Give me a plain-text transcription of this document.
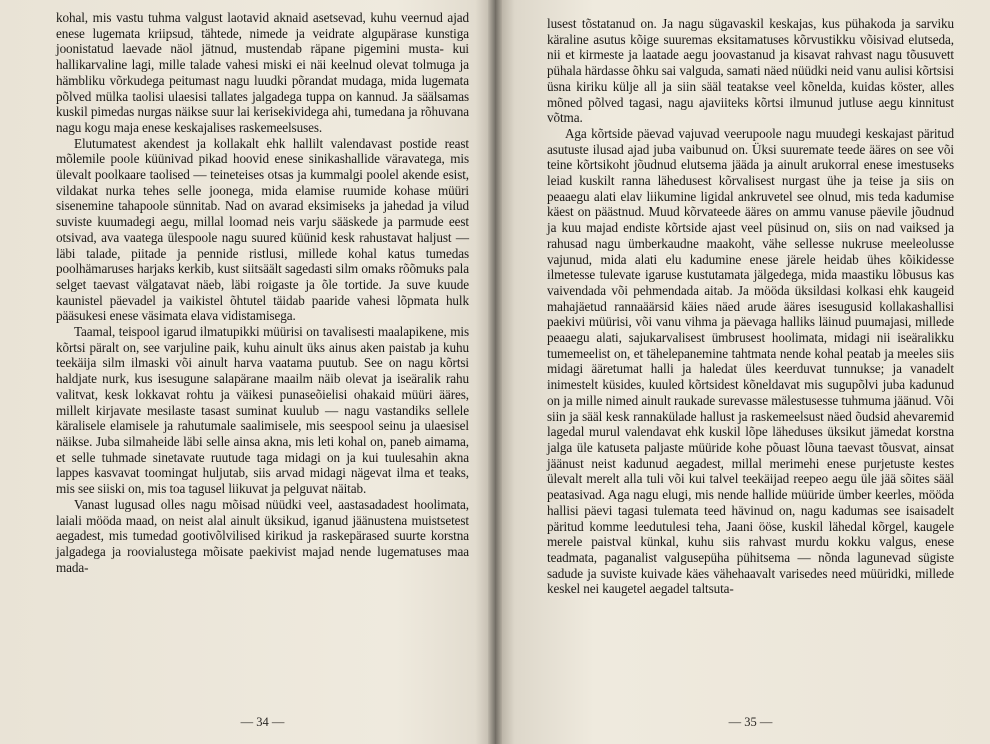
kohal, mis vastu tuhma valgust laotavid aknaid asetsevad, kuhu veernud ajad enese lugemata kriipsud, tähtede, nimede ja veidrate algupärase kunstiga joonistatud laevade näol jätnud, mustendab räpane pigemini musta- kui hallikarvaline lagi, mille talade vahesi miski ei näi keelnud olevat tolmuga ja hämbliku võrkudega peitumast nagu luudki põrandat mudaga, mida lugemata põlved mülka taolisi ulaesisi tallates jalgadega tuppa on kannud. Ja säälsamas kuskil pimedas nurgas näikse suur lai kerisekividega ahi, tumedana ja rõhuvana nagu kogu maja enese keskajalises raskemeelsuses.

Elutumatest akendest ja kollakalt ehk hallilt valendavast postide reast mõlemile poole küünivad pikad hoovid enese sinikashallide väravatega, mis ülevalt poolkaare taolised — teineteises otsas ja kummalgi poolel akende esist, vildakat nurka tehes selle joonega, mida elamise ruumide kohase müüri sisenemine tahapoole sünnitab. Nad on avarad eksimiseks ja jahedad ja vilud suviste kuumadegi aegu, millal loomad neis varju sääskede ja parmude eest otsivad, ava vaatega ülespoole nagu suured küünid kesk rahustavat haljust — läbi talade, piitade ja pennide ristlusi, millede kohal katus tumedas poolhämaruses harjaks kerkib, kust siitsäält sagedasti silm omaks rõõmuks pala selget taevast välgatavat näeb, läbi roigaste ja õle tortide. Ja suve kuude kaunistel päevadel ja vaikistel õhtutel täidab paaride vahesi lõpmata hulk pääsukesi enese väsimata elava vidistamisega.

Taamal, teispool igarud ilmatupikki müürisi on tavalisesti maalapikene, mis kõrtsi päralt on, see varjuline paik, kuhu ainult üks ainus aken paistab ja kuhu teekäija silm ilmaski või ainult harva vaatama puutub. See on nagu kõrtsi haldjate nurk, kus isesugune salapärane maailm näib olevat ja iseäralik rahu valitvat, kesk lokkavat rohtu ja väikesi punaseõielisi ohakaid müüri ääres, millelt kirjavate mesilaste tasast suminat kuulub — nagu vastandiks sellele käralisele elamisele ja rahutumale saalimisele, mis seespool seinu ja ulaesisel näikse. Juba silmaheide läbi selle ainsa akna, mis leti kohal on, paneb aimama, et selle tuhmade sinetavate ruutude taga midagi on ja kui tuulesahin akna lappes kasvavat toomingat huljutab, siis arvad midagi nägevat ilma et teaks, mis see siiski on, mis toa tagusel liikuvat ja pelguvat näitab.

Vanast lugusad olles nagu mõisad nüüdki veel, aastasadadest hoolimata, laiali mööda maad, on neist alal ainult üksikud, iganud jäänustena muistsetest aegadest, mis tumedad gootivõlvilised kirikud ja raskepärased suurte korstna jalgadega ja roovialustega mõisate paekivist majad nende lugematuses maa mada-

— 34 —

lusest tõstatanud on. Ja nagu sügavaskil keskajas, kus pühakoda ja sarviku käraline asutus kõige suuremas eksitamatuses kõrvustikku võisivad elutseda, nii et kirmeste ja laatade aegu joovastanud ja kisavat rahvast nagu tõusuvett pühala härdasse õhku sai valguda, samati näed nüüdki neid vanu aulisi kõrtsisi üsna kiriku külje all ja siin sääl teatakse veel kõnelda, kuidas köster, alles mõned põlved tagasi, nagu ajaviiteks kõrtsi ilmunud jutluse aegu kinnitust võtma.

Aga kõrtside päevad vajuvad veerupoole nagu muudegi keskajast päritud asutuste ilusad ajad juba vaibunud on. Üksi suuremate teede ääres on see või teine kõrtsikoht jõudnud elutsema jääda ja ainult arukorral enese imestuseks leiad kuskilt ranna lähedusest kõrvalisest nurgast ühe ja teise ja siis on peaaegu alati elav liikumine ligidal ankruvetel see olnud, mis teda kadumise käest on päästnud. Muud kõrvateede ääres on ammu vanuse päevile jõudnud ja kuu majad endiste kõrtside ajast veel püsinud on, siis on nad vaiksed ja rahusad nagu ümberkaudne maakoht, vähe sellesse nukruse meeleolusse vajunud, mida alati elu kadumine enese järele heidab ühes kõikidesse ilmetesse tulevate igaruse kustutamata jälgedega, mida maastiku lõbusus kas vaivendada või pehmendada aitab. Ja mööda üksildasi kolkasi ehk kaugeid mahajäetud rannaäärsid käies näed arude ääres isesugusid kollakashallisi paekivi müürisi, või vanu vihma ja päevaga halliks läinud puumajasi, millede peaaegu alati, sajukarvalisest ümbrusest hoolimata, midagi nii iseäralikku tumemeelist on, et tähelepanemine tahtmata nende kohal peatab ja meeles siis midagi ääretumat halli ja haledat üles keerduvat tunnukse; ja vanadelt inimestelt küsides, kuuled kõrtsidest kõneldavat mis sugupõlvi juba kadunud on ja mille nimed ainult raukade surevasse mälestusesse tuhmuma jäänud. Või siin ja sääl kesk rannakülade hallust ja raskemeelsust näed õudsid ahevaremid lagedal murul valendavat ehk kuskil lõpe läheduses üksikut jämedat korstna jalga üle katuseta paljaste müüride kohe põuast lõuna taevast tõusvat, ainsat jäänust neist kadunud aegadest, millal merimehi enese purjetuste kestes ülevalt merelt alla tuli või kui talvel teekäijad reepeo aegu üle jää sõites sääl peatasivad. Aga nagu elugi, mis nende hallide müüride ümber keerles, mööda hallisi päevi tagasi tulemata teed hävinud on, nagu kadumas see isaisadelt päritud komme leedutulesi teha, Jaani ööse, kuskil lähedal kõrgel, kaugele merele paistval künkal, kuhu siis rahvast murdu kokku valgus, enese teadmata, paganalist valgusepüha pühitsema — nõnda lagunevad sügiste sadude ja suviste kuivade käes vähehaavalt varisedes need müüridki, millede keskel nei kaugetel aegadel taltsuta-

— 35 —
